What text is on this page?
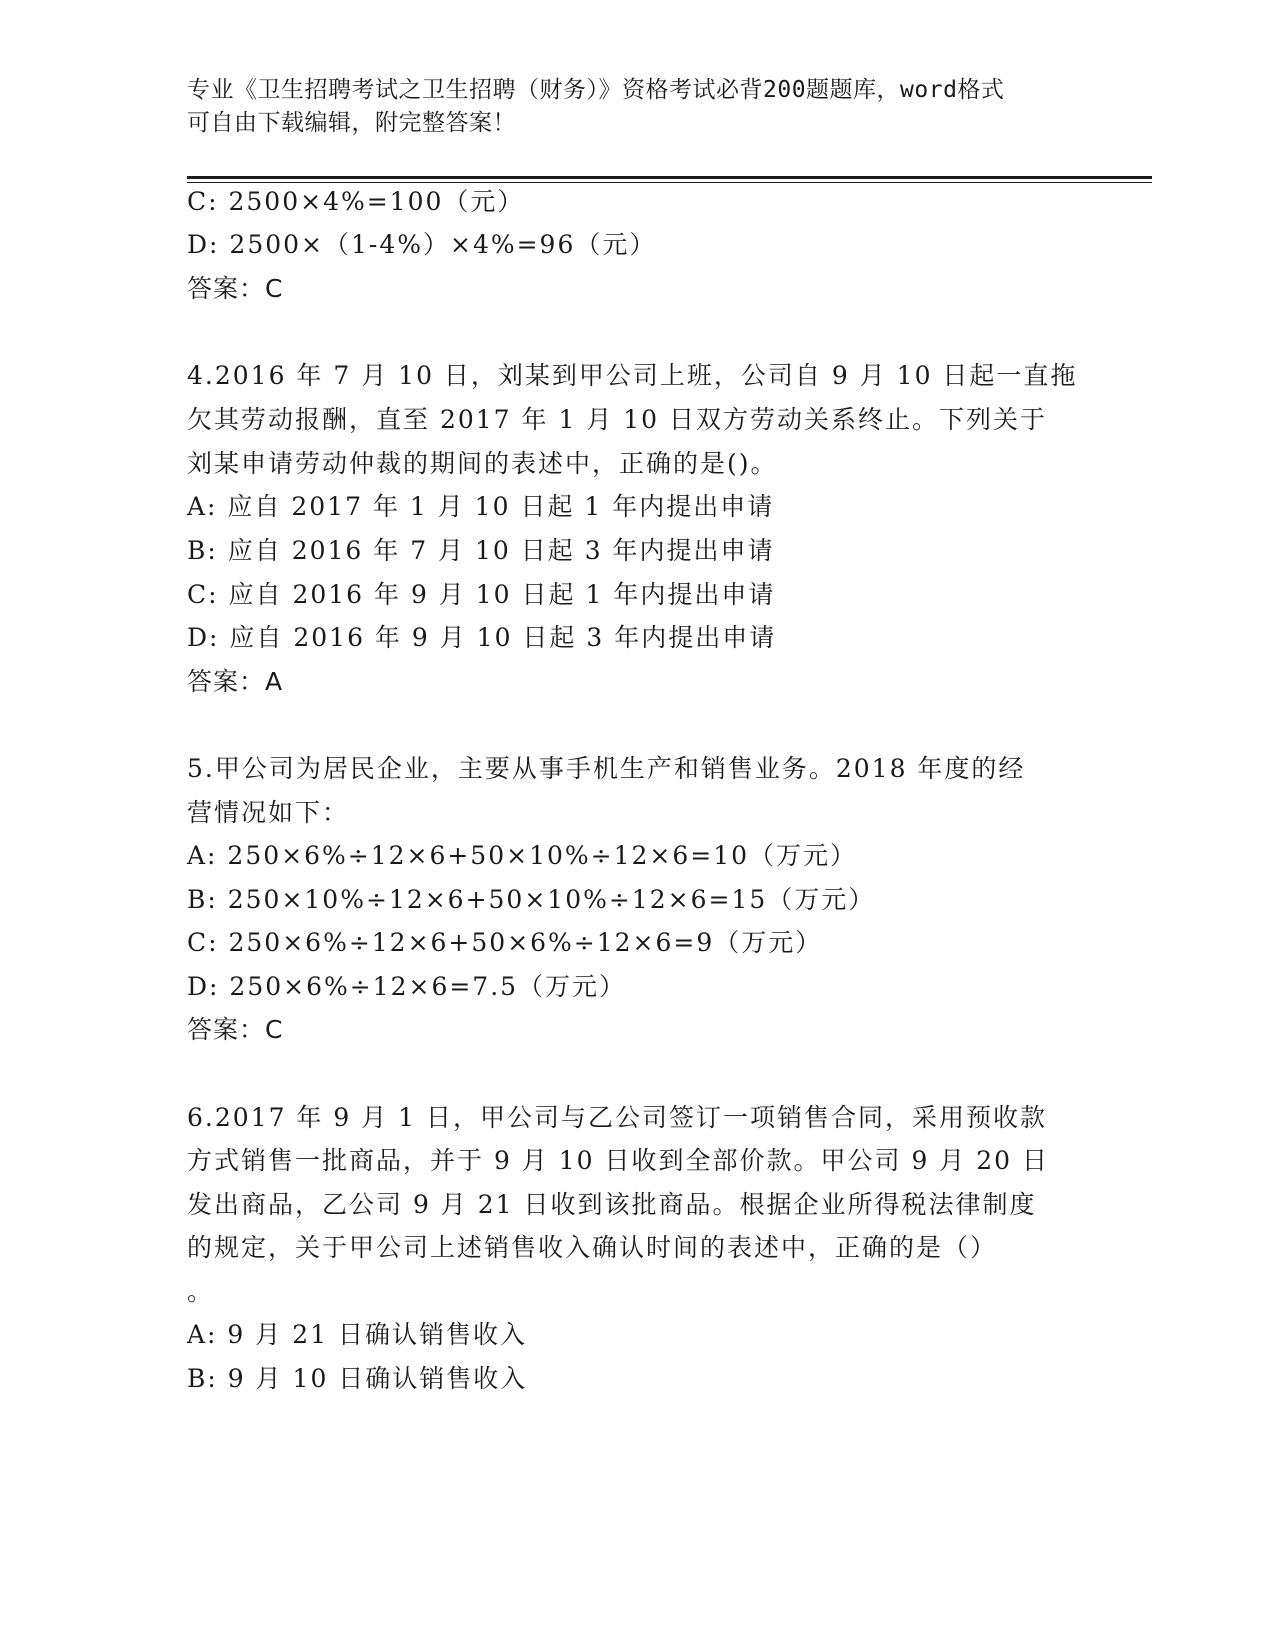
专业《卫生招聘考试之卫生招聘（财务）》资格考试必背200题题库，word格式
可自由下载编辑，附完整答案！
C: 2500×4%=100（元）
D: 2500×（1-4%）×4%=96（元）
答案：C
4.2016 年 7 月 10 日，刘某到甲公司上班，公司自 9 月 10 日起一直拖
欠其劳动报酬，直至 2017 年 1 月 10 日双方劳动关系终止。下列关于
刘某申请劳动仲裁的期间的表述中，正确的是()。
A: 应自 2017 年 1 月 10 日起 1 年内提出申请
B: 应自 2016 年 7 月 10 日起 3 年内提出申请
C: 应自 2016 年 9 月 10 日起 1 年内提出申请
D: 应自 2016 年 9 月 10 日起 3 年内提出申请
答案：A
5.甲公司为居民企业，主要从事手机生产和销售业务。2018 年度的经
营情况如下：
A: 250×6%÷12×6+50×10%÷12×6=10（万元）
B: 250×10%÷12×6+50×10%÷12×6=15（万元）
C: 250×6%÷12×6+50×6%÷12×6=9（万元）
D: 250×6%÷12×6=7.5（万元）
答案：C
6.2017 年 9 月 1 日，甲公司与乙公司签订一项销售合同，采用预收款
方式销售一批商品，并于 9 月 10 日收到全部价款。甲公司 9 月 20 日
发出商品，乙公司 9 月 21 日收到该批商品。根据企业所得税法律制度
的规定，关于甲公司上述销售收入确认时间的表述中，正确的是（）
。
A: 9 月 21 日确认销售收入
B: 9 月 10 日确认销售收入
